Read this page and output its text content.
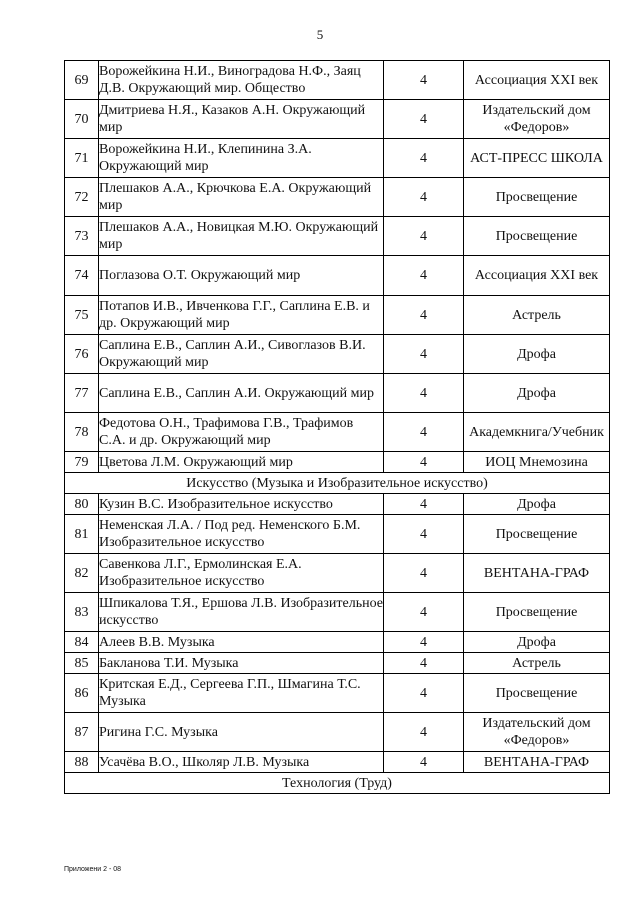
5
69	Ворожейкина Н.И., Виноградова Н.Ф., Заяц Д.В. Окружающий мир. Общество	4	Ассоциация XXI век
70	Дмитриева Н.Я., Казаков А.Н. Окружающий мир	4	Издательский дом «Федоров»
71	Ворожейкина Н.И., Клепинина З.А. Окружающий мир	4	АСТ-ПРЕСС ШКОЛА
72	Плешаков А.А., Крючкова Е.А. Окружающий мир	4	Просвещение
73	Плешаков А.А., Новицкая М.Ю. Окружающий мир	4	Просвещение
74	Поглазова О.Т. Окружающий мир	4	Ассоциация XXI век
75	Потапов И.В., Ивченкова Г.Г., Саплина Е.В. и др. Окружающий мир	4	Астрель
76	Саплина Е.В., Саплин А.И., Сивоглазов В.И. Окружающий мир	4	Дрофа
77	Саплина Е.В., Саплин А.И. Окружающий мир	4	Дрофа
78	Федотова О.Н., Трафимова Г.В., Трафимов С.А. и др. Окружающий мир	4	Академкнига/Учебник
79	Цветова Л.М. Окружающий мир	4	ИОЦ Мнемозина
Искусство (Музыка и Изобразительное искусство)			
80	Кузин В.С. Изобразительное искусство	4	Дрофа
81	Неменская Л.А. / Под ред. Неменского Б.М. Изобразительное искусство	4	Просвещение
82	Савенкова Л.Г., Ермолинская Е.А. Изобразительное искусство	4	ВЕНТАНА-ГРАФ
83	Шпикалова Т.Я., Ершова Л.В. Изобразительное искусство	4	Просвещение
84	Алеев В.В. Музыка	4	Дрофа
85	Бакланова Т.И. Музыка	4	Астрель
86	Критская Е.Д., Сергеева Г.П., Шмагина Т.С. Музыка	4	Просвещение
87	Ригина Г.С. Музыка	4	Издательский дом «Федоров»
88	Усачёва В.О., Школяр Л.В. Музыка	4	ВЕНТАНА-ГРАФ
Технология (Труд)			
Приложени 2 - 08
